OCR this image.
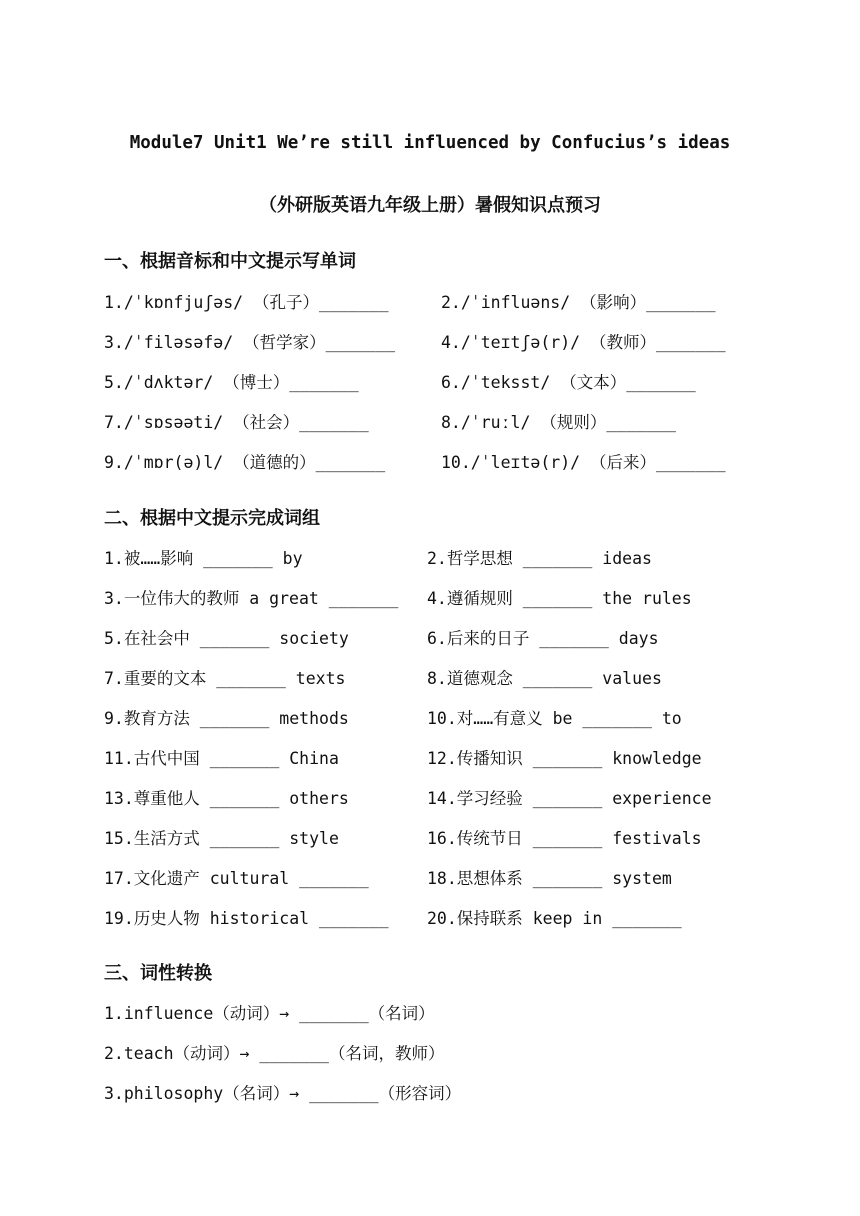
Module7 Unit1 We’re still influenced by Confucius’s ideas
（外研版英语九年级上册）暑假知识点预习
一、根据音标和中文提示写单词
1./ˈkɒnfjuʃəs/ （孔子）_______	2./ˈinfluəns/ （影响）_______
3./ˈfiləsəfə/ （哲学家）_______	4./ˈteɪtʃə(r)/ （教师）_______
5./ˈdʌktər/ （博士）_______	6./ˈteksst/ （文本）_______
7./ˈsɒsəəti/ （社会）_______	8./ˈruːl/ （规则）_______
9./ˈmɒr(ə)l/ （道德的）_______	10./ˈleɪtə(r)/ （后来）_______
二、根据中文提示完成词组
1.被……影响 _______ by	2.哲学思想 _______ ideas
3.一位伟大的教师 a great _______ 4.遵循规则 _______ the rules
5.在社会中 _______ society	6.后来的日子 _______ days
7.重要的文本 _______ texts	8.道德观念 _______ values
9.教育方法 _______ methods	10.对……有意义 be _______ to
11.古代中国 _______ China	12.传播知识 _______ knowledge
13.尊重他人 _______ others	14.学习经验 _______ experience
15.生活方式 _______ style	16.传统节日 _______ festivals
17.文化遗产 cultural _______	18.思想体系 _______ system
19.历史人物 historical _______ 20.保持联系 keep in _______
三、词性转换
1.influence（动词）→ _______（名词）
2.teach（动词）→ _______（名词，教师）
3.philosophy（名词）→ _______（形容词）
